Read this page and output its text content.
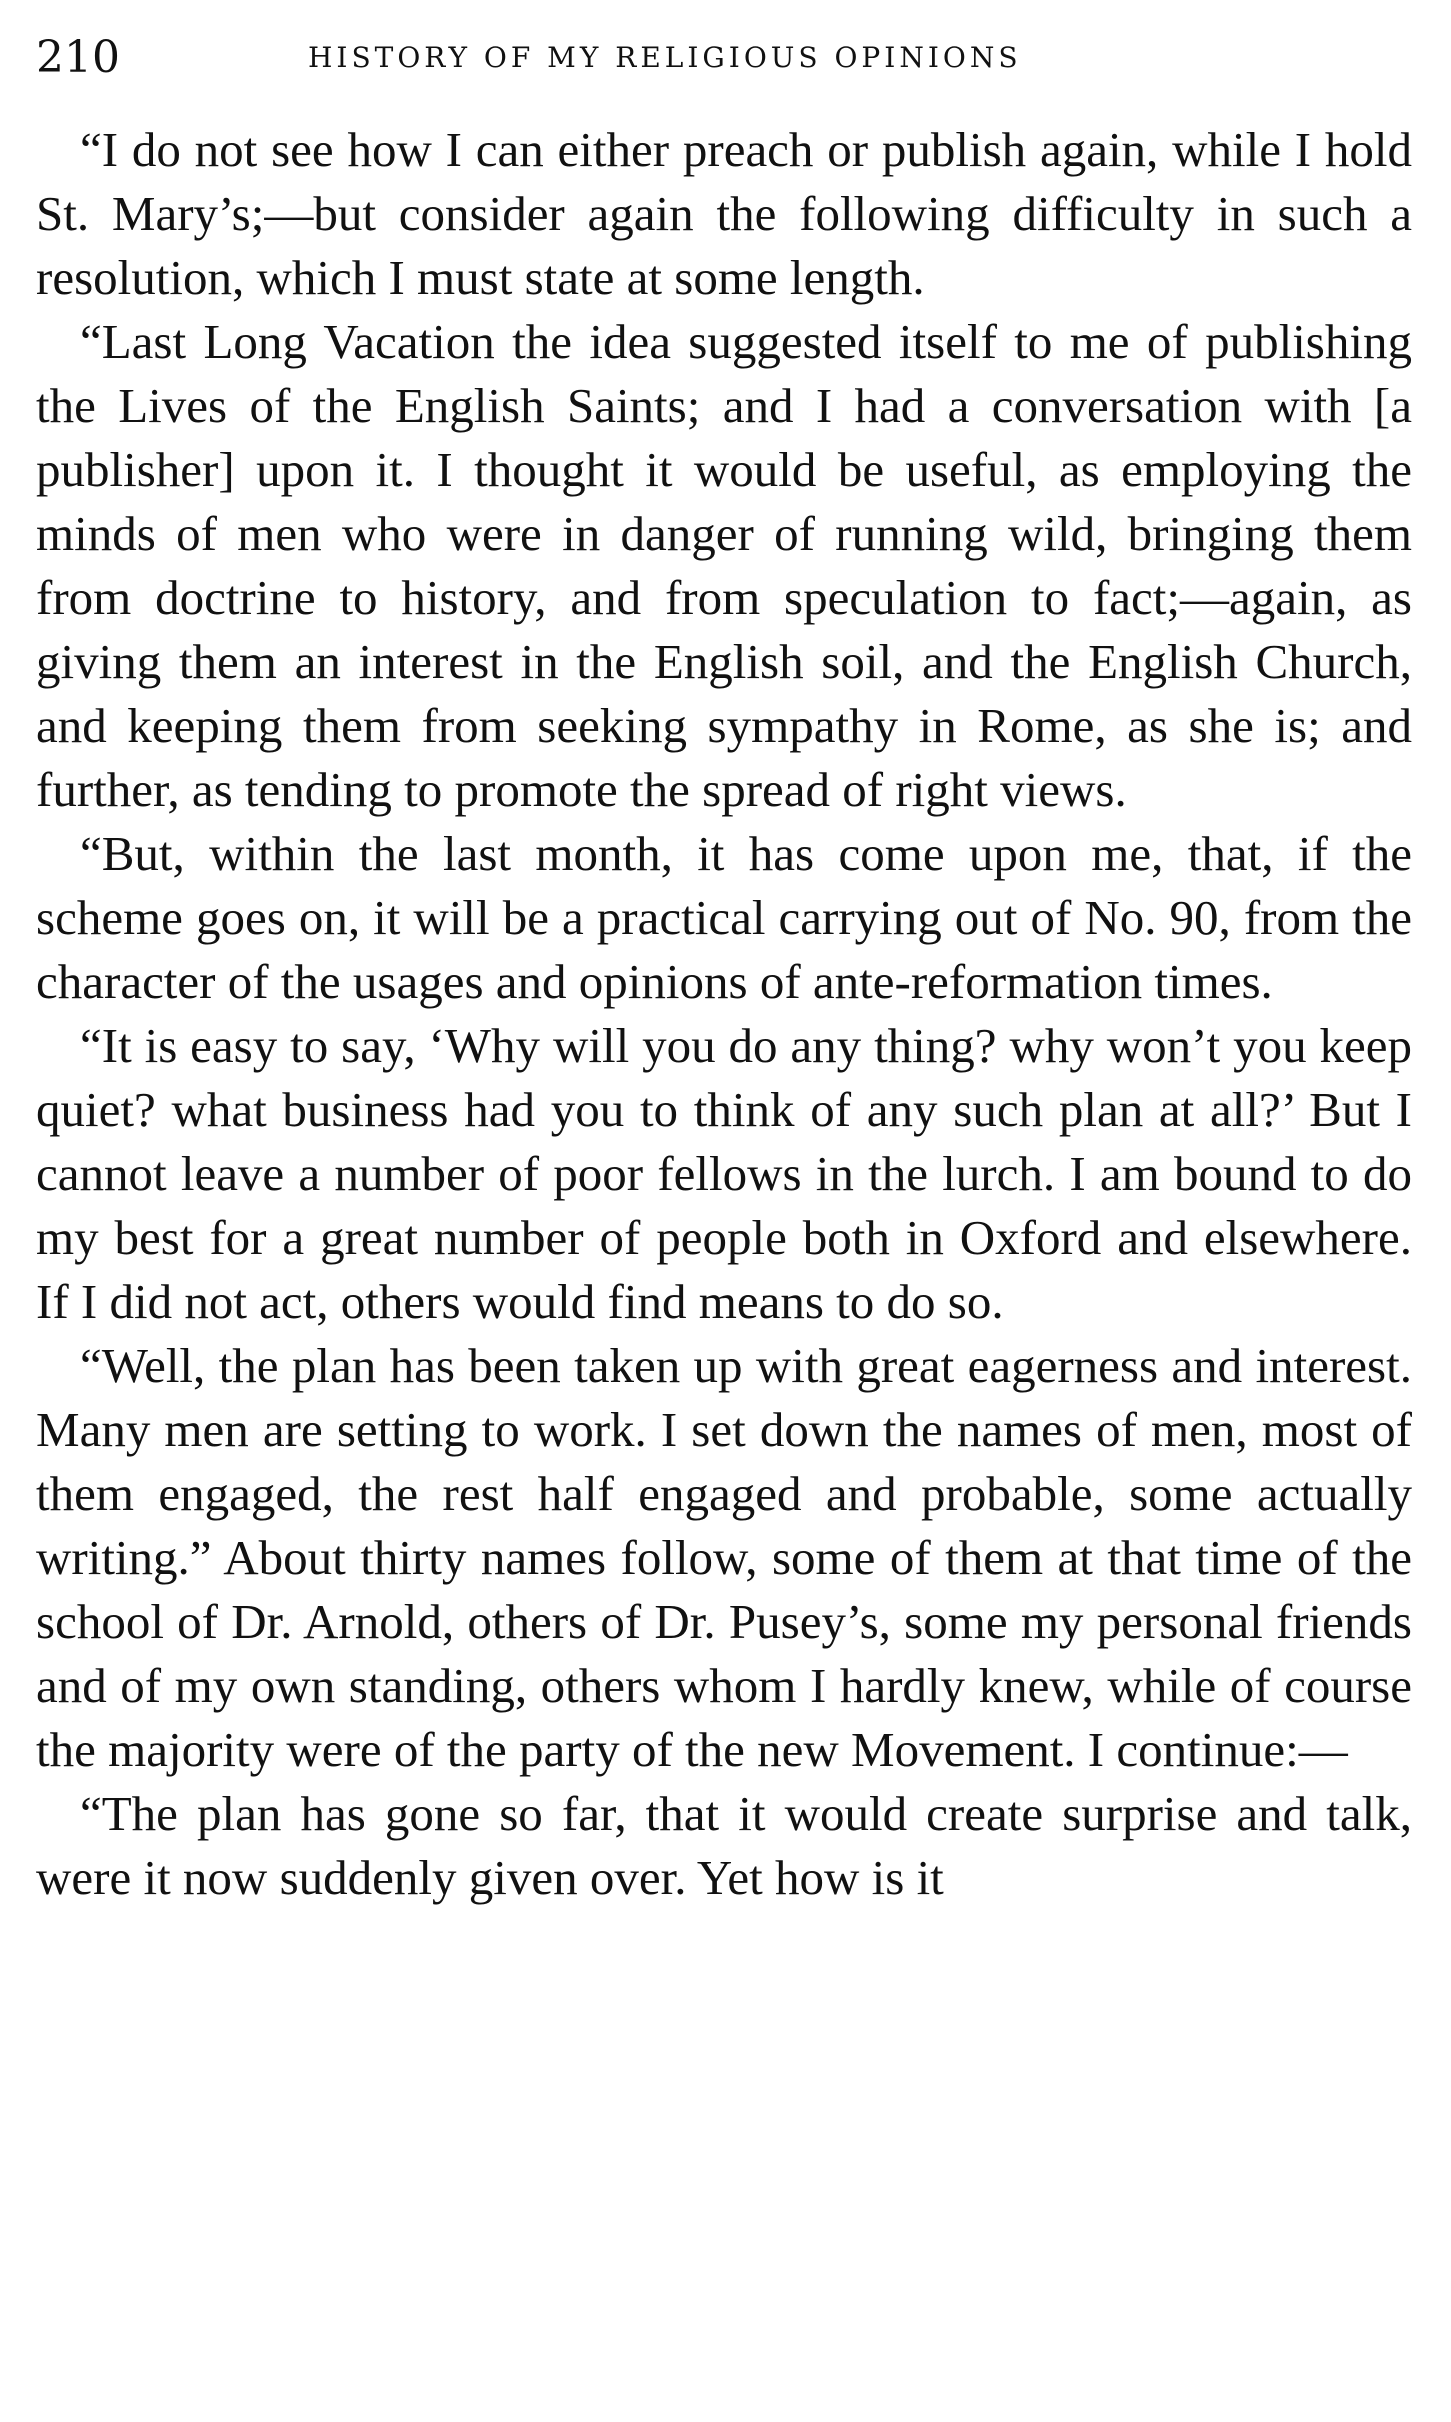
210	HISTORY OF MY RELIGIOUS OPINIONS

“I do not see how I can either preach or publish again, while I hold St. Mary’s;—but consider again the following difficulty in such a resolution, which I must state at some length.

“Last Long Vacation the idea suggested itself to me of publishing the Lives of the English Saints; and I had a conversation with [a publisher] upon it. I thought it would be useful, as employing the minds of men who were in danger of running wild, bringing them from doctrine to history, and from speculation to fact;—again, as giving them an interest in the English soil, and the English Church, and keeping them from seeking sympathy in Rome, as she is; and further, as tending to promote the spread of right views.

“But, within the last month, it has come upon me, that, if the scheme goes on, it will be a practical carrying out of No. 90, from the character of the usages and opinions of ante-reformation times.

“It is easy to say, ‘Why will you do any thing? why won’t you keep quiet? what business had you to think of any such plan at all?’ But I cannot leave a number of poor fellows in the lurch. I am bound to do my best for a great number of people both in Oxford and elsewhere. If I did not act, others would find means to do so.

“Well, the plan has been taken up with great eagerness and interest. Many men are setting to work. I set down the names of men, most of them engaged, the rest half engaged and probable, some actually writing.” About thirty names follow, some of them at that time of the school of Dr. Arnold, others of Dr. Pusey’s, some my personal friends and of my own standing, others whom I hardly knew, while of course the majority were of the party of the new Movement. I continue:—

“The plan has gone so far, that it would create surprise and talk, were it now suddenly given over. Yet how is it
